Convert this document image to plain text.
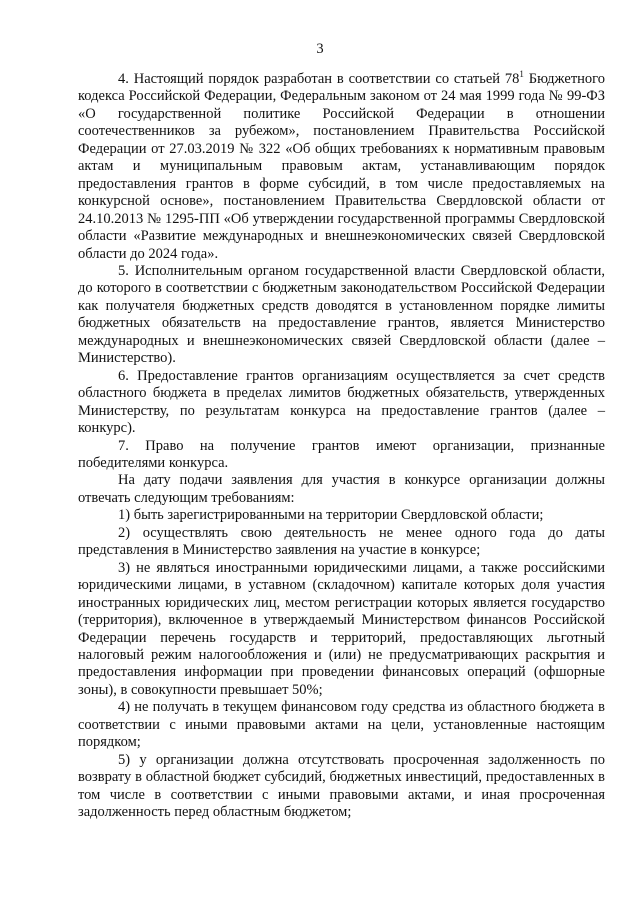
3

4. Настоящий порядок разработан в соответствии со статьей $78^1$ Бюджетного кодекса Российской Федерации, Федеральным законом от 24 мая 1999 года № 99-ФЗ «О государственной политике Российской Федерации в отношении соотечественников за рубежом», постановлением Правительства Российской Федерации от 27.03.2019 № 322 «Об общих требованиях к нормативным правовым актам и муниципальным правовым актам, устанавливающим порядок предоставления грантов в форме субсидий, в том числе предоставляемых на конкурсной основе», постановлением Правительства Свердловской области от 24.10.2013 № 1295-ПП «Об утверждении государственной программы Свердловской области «Развитие международных и внешнеэкономических связей Свердловской области до 2024 года».

5. Исполнительным органом государственной власти Свердловской области, до которого в соответствии с бюджетным законодательством Российской Федерации как получателя бюджетных средств доводятся в установленном порядке лимиты бюджетных обязательств на предоставление грантов, является Министерство международных и внешнеэкономических связей Свердловской области (далее – Министерство).

6. Предоставление грантов организациям осуществляется за счет средств областного бюджета в пределах лимитов бюджетных обязательств, утвержденных Министерству, по результатам конкурса на предоставление грантов (далее – конкурс).

7. Право на получение грантов имеют организации, признанные победителями конкурса.

На дату подачи заявления для участия в конкурсе организации должны отвечать следующим требованиям:

1) быть зарегистрированными на территории Свердловской области;

2) осуществлять свою деятельность не менее одного года до даты представления в Министерство заявления на участие в конкурсе;

3) не являться иностранными юридическими лицами, а также российскими юридическими лицами, в уставном (складочном) капитале которых доля участия иностранных юридических лиц, местом регистрации которых является государство (территория), включенное в утверждаемый Министерством финансов Российской Федерации перечень государств и территорий, предоставляющих льготный налоговый режим налогообложения и (или) не предусматривающих раскрытия и предоставления информации при проведении финансовых операций (офшорные зоны), в совокупности превышает 50%;

4) не получать в текущем финансовом году средства из областного бюджета в соответствии с иными правовыми актами на цели, установленные настоящим порядком;

5) у организации должна отсутствовать просроченная задолженность по возврату в областной бюджет субсидий, бюджетных инвестиций, предоставленных в том числе в соответствии с иными правовыми актами, и иная просроченная задолженность перед областным бюджетом;
